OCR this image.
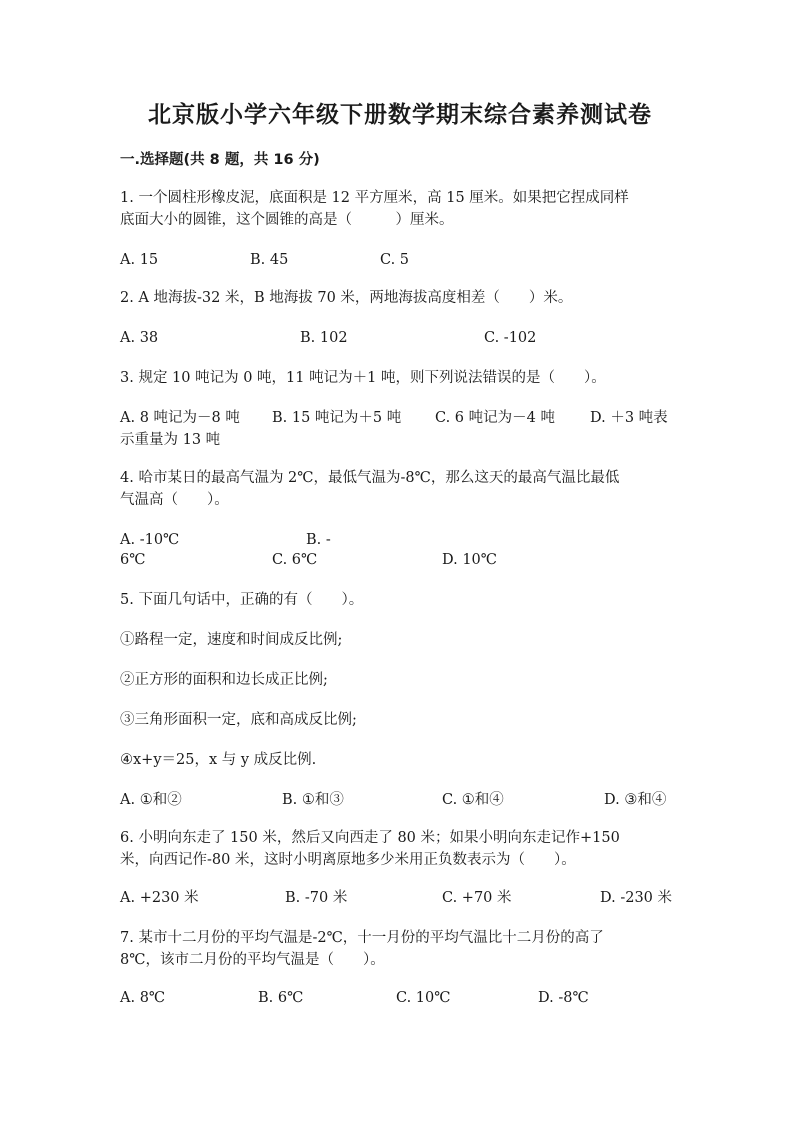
北京版小学六年级下册数学期末综合素养测试卷
一.选择题(共 8 题，共 16 分)
1. 一个圆柱形橡皮泥，底面积是 12 平方厘米，高 15 厘米。如果把它捏成同样
底面大小的圆锥，这个圆锥的高是（　　　）厘米。
A. 15	B. 45	C. 5
2. A 地海拔-32 米，B 地海拔 70 米，两地海拔高度相差（　　）米。
A. 38	B. 102	C. -102
3. 规定 10 吨记为 0 吨，11 吨记为＋1 吨，则下列说法错误的是（　　）。
A. 8 吨记为－8 吨 B. 15 吨记为＋5 吨 C. 6 吨记为－4 吨 D. ＋3 吨表
示重量为 13 吨
4. 哈市某日的最高气温为 2℃，最低气温为-8℃，那么这天的最高气温比最低
气温高（　　）。
A. -10℃	B. -
6℃	C. 6℃	D. 10℃
5. 下面几句话中，正确的有（　　）。
①路程一定，速度和时间成反比例;
②正方形的面积和边长成正比例;
③三角形面积一定，底和高成反比例;
④x+y＝25，x 与 y 成反比例.
A. ①和②	B. ①和③	C. ①和④	D. ③和④
6. 小明向东走了 150 米，然后又向西走了 80 米；如果小明向东走记作+150
米，向西记作-80 米，这时小明离原地多少米用正负数表示为（　　）。
A. +230 米	B. -70 米	C. +70 米	D. -230 米
7. 某市十二月份的平均气温是-2℃，十一月份的平均气温比十二月份的高了
8℃，该市二月份的平均气温是（　　）。
A. 8℃	B. 6℃	C. 10℃	D. -8℃
